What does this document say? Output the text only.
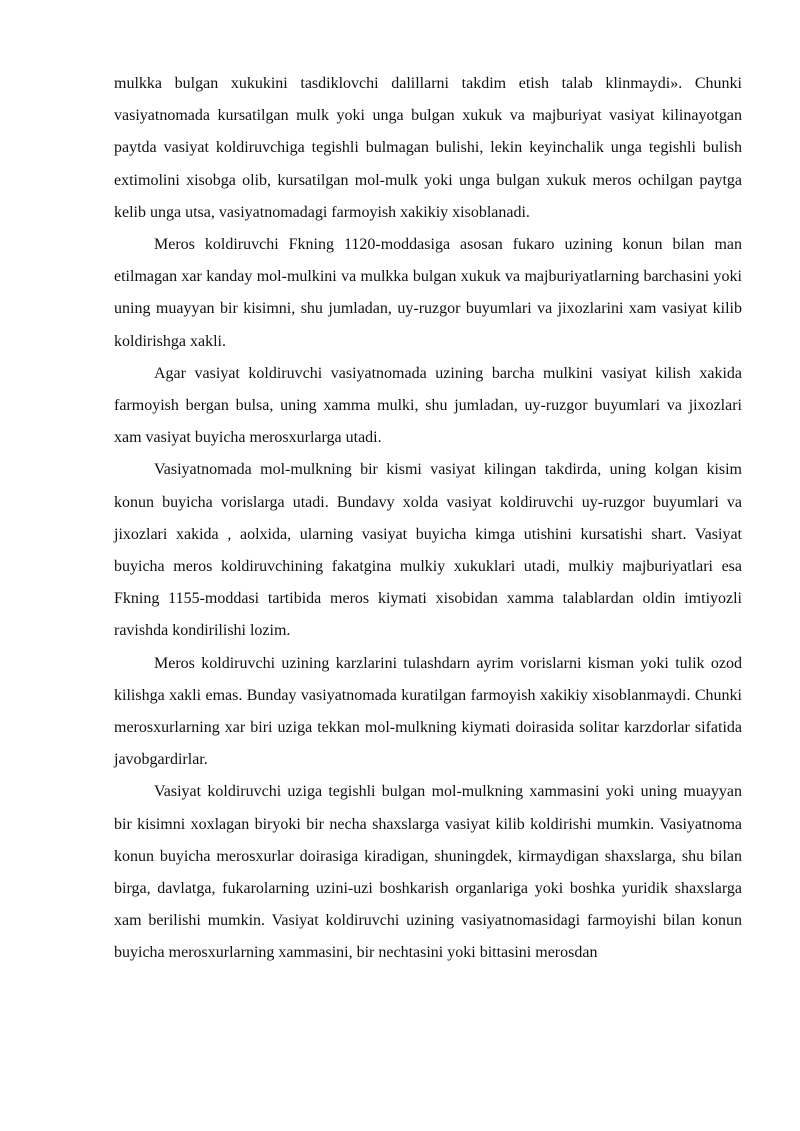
mulkka bulgan xukukini tasdiklovchi dalillarni takdim etish talab klinmaydi». Chunki vasiyatnomada kursatilgan mulk yoki unga bulgan xukuk va majburiyat vasiyat kilinayotgan paytda vasiyat koldiruvchiga tegishli bulmagan bulishi, lekin keyinchalik unga tegishli bulish extimolini xisobga olib, kursatilgan mol-mulk yoki unga bulgan xukuk meros ochilgan paytga kelib unga utsa, vasiyatnomadagi farmoyish xakikiy xisoblanadi.

Meros koldiruvchi Fkning 1120-moddasiga asosan fukaro uzining konun bilan man etilmagan xar kanday mol-mulkini va mulkka bulgan xukuk va majburiyatlarning barchasini yoki uning muayyan bir kisimni, shu jumladan, uy-ruzgor buyumlari va jixozlarini xam vasiyat kilib koldirishga xakli.

Agar vasiyat koldiruvchi vasiyatnomada uzining barcha mulkini vasiyat kilish xakida farmoyish bergan bulsa, uning xamma mulki, shu jumladan, uy-ruzgor buyumlari va jixozlari xam vasiyat buyicha merosxurlarga utadi.

Vasiyatnomada mol-mulkning bir kismi vasiyat kilingan takdirda, uning kolgan kisim konun buyicha vorislarga utadi. Bundavy xolda vasiyat koldiruvchi uy-ruzgor buyumlari va jixozlari xakida , aolxida, ularning vasiyat buyicha kimga utishini kursatishi shart. Vasiyat buyicha meros koldiruvchining fakatgina mulkiy xukuklari utadi, mulkiy majburiyatlari esa Fkning 1155-moddasi tartibida meros kiymati xisobidan xamma talablardan oldin imtiyozli ravishda kondirilishi lozim.

Meros koldiruvchi uzining karzlarini tulashdarn ayrim vorislarni kisman yoki tulik ozod kilishga xakli emas. Bunday vasiyatnomada kuratilgan farmoyish xakikiy xisoblanmaydi. Chunki merosxurlarning xar biri uziga tekkan mol-mulkning kiymati doirasida solitar karzdorlar sifatida javobgardirlar.

Vasiyat koldiruvchi uziga tegishli bulgan mol-mulkning xammasini yoki uning muayyan bir kisimni xoxlagan biryoki bir necha shaxslarga vasiyat kilib koldirishi mumkin. Vasiyatnoma konun buyicha merosxurlar doirasiga kiradigan, shuningdek, kirmaydigan shaxslarga, shu bilan birga, davlatga, fukarolarning uzini-uzi boshkarish organlariga yoki boshka yuridik shaxslarga xam berilishi mumkin. Vasiyat koldiruvchi uzining vasiyatnomasidagi farmoyishi bilan konun buyicha merosxurlarning xammasini, bir nechtasini yoki bittasini merosdan
